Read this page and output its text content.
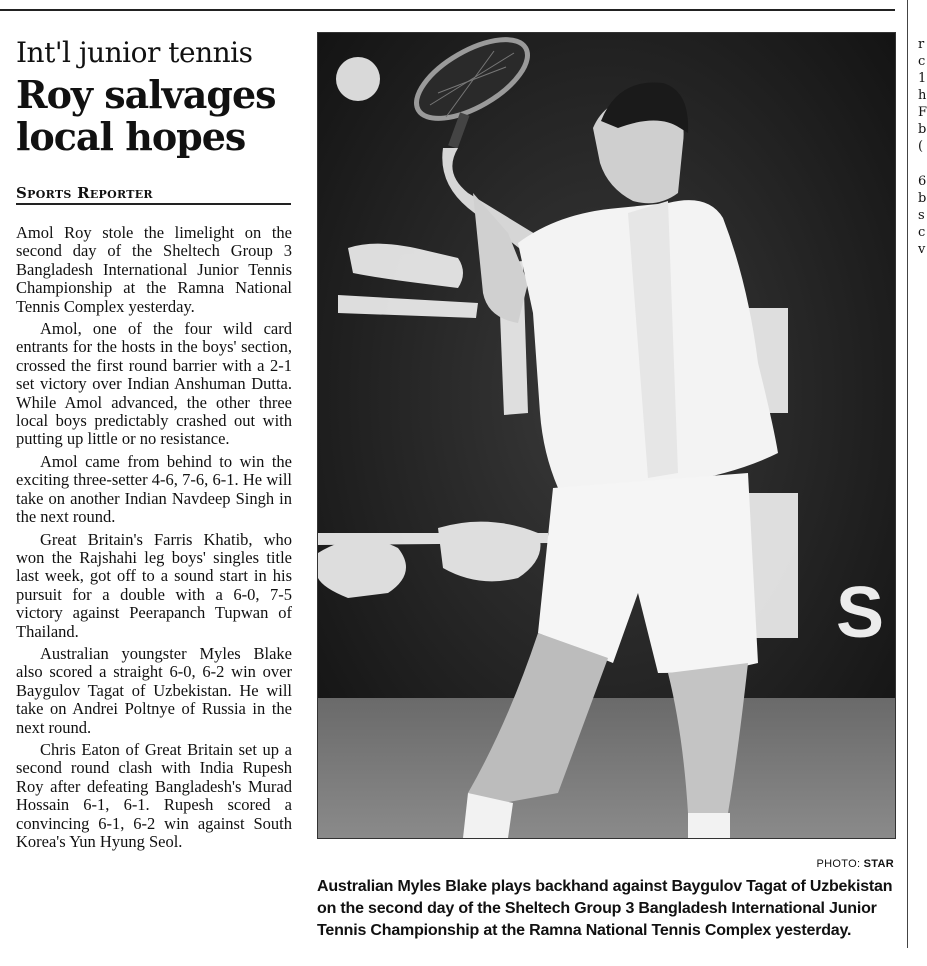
Int'l junior tennis
Roy salvages local hopes
Sports Reporter

Amol Roy stole the limelight on the second day of the Sheltech Group 3 Bangladesh International Junior Tennis Championship at the Ramna National Tennis Complex yesterday.

Amol, one of the four wild card entrants for the hosts in the boys' section, crossed the first round barrier with a 2-1 set victory over Indian Anshuman Dutta. While Amol advanced, the other three local boys predictably crashed out with putting up little or no resistance.

Amol came from behind to win the exciting three-setter 4-6, 7-6, 6-1. He will take on another Indian Navdeep Singh in the next round.

Great Britain's Farris Khatib, who won the Rajshahi leg boys' singles title last week, got off to a sound start in his pursuit for a double with a 6-0, 7-5 victory against Peerapanch Tupwan of Thailand.

Australian youngster Myles Blake also scored a straight 6-0, 6-2 win over Baygulov Tagat of Uzbekistan. He will take on Andrei Poltnye of Russia in the next round.

Chris Eaton of Great Britain set up a second round clash with India Rupesh Roy after defeating Bangladesh's Murad Hossain 6-1, 6-1. Rupesh scored a convincing 6-1, 6-2 win against South Korea's Yun Hyung Seol.

S
PHOTO: STAR
Australian Myles Blake plays backhand against Baygulov Tagat of Uzbekistan on the second day of the Sheltech Group 3 Bangladesh International Junior Tennis Championship at the Ramna National Tennis Complex yesterday.
r
c
1
h
F
b
(
6
b
s
c
v
